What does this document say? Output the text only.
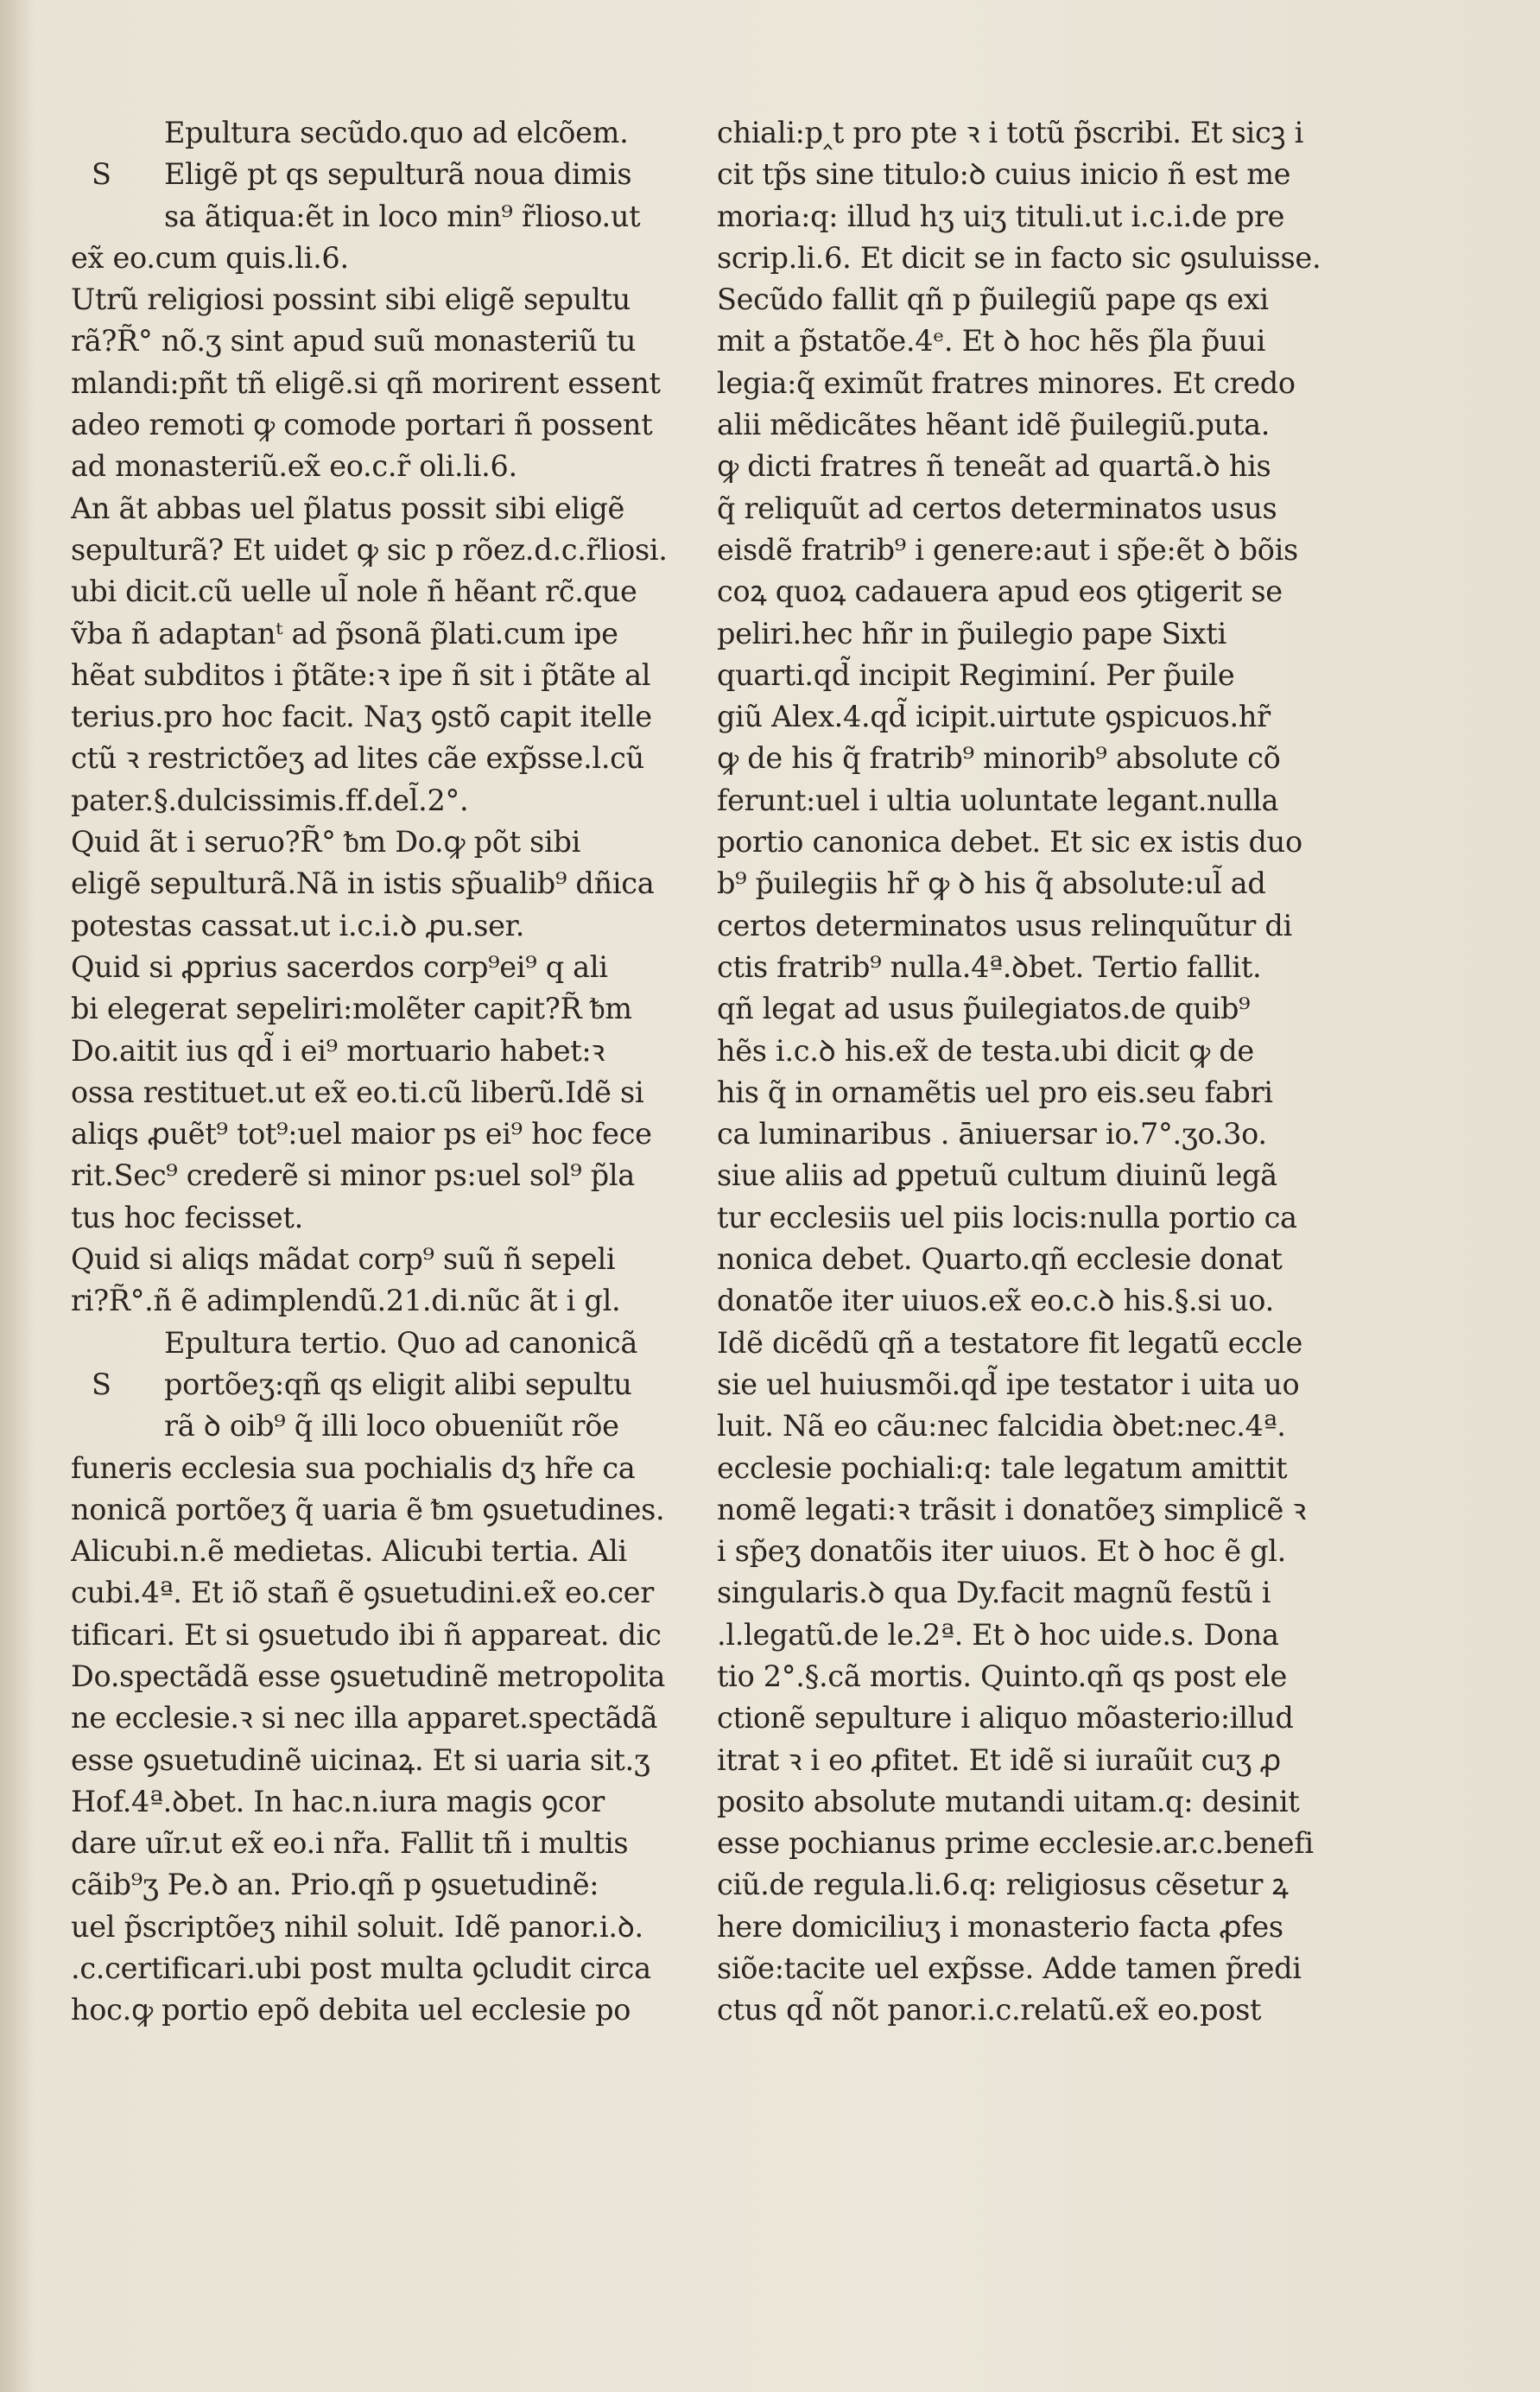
Epultura secũdo.quo ad elcõem.
S Eligẽ pt qs sepulturã noua dimis
sa ãtiqua:ẽt in loco min⁹ r̃lioso.ut
ex̃ eo.cum quis.li.6.
Utrũ religiosi possint sibi eligẽ sepultu
rã?R̃° nõ.ʒ sint apud suũ monasteriũ tu
mlandi:pñt tñ eligẽ.si qñ morirent essent
adeo remoti ꝙ comode portari ñ possent
ad monasteriũ.ex̃ eo.c.r̃ oli.li.6.
An ãt abbas uel p̃latus possit sibi eligẽ
sepulturã? Et uidet ꝙ sic p rõez.d.c.r̃liosi.
ubi dicit.cũ uelle ul̃ nole ñ hẽant rc̃.que
ṽba ñ adaptanᵗ ad p̃sonã p̃lati.cum ipe
hẽat subditos i p̃tãte:ꝛ ipe ñ sit i p̃tãte al
terius.pro hoc facit. Naʒ ꝯstõ capit itelle
ctũ ꝛ restrictõeʒ ad lites cãe exp̃sse.l.cũ
pater.§.dulcissimis.ff.del̃.2°.
Quid ãt i seruo?R̃° ᵬm Do.ꝙ põt sibi
eligẽ sepulturã.Nã in istis sp̃ualib⁹ dñica
potestas cassat.ut i.c.i.ꝺ ꝓu.ser.
Quid si ꝓprius sacerdos corp⁹ei⁹ q ali
bi elegerat sepeliri:molẽter capit?R̃ ᵬm
Do.aitit ius qd̃ i ei⁹ mortuario habet:ꝛ
ossa restituet.ut ex̃ eo.ti.cũ liberũ.Idẽ si
aliqs ꝓuẽt⁹ tot⁹:uel maior ps ei⁹ hoc fece
rit.Sec⁹ crederẽ si minor ps:uel sol⁹ p̃la
tus hoc fecisset.
Quid si aliqs mãdat corp⁹ suũ ñ sepeli
ri?R̃°.ñ ẽ adimplendũ.21.di.nũc ãt i gl.
Epultura tertio. Quo ad canonicã
S portõeʒ:qñ qs eligit alibi sepultu
rã ꝺ oib⁹ q̃ illi loco obueniũt rõe
funeris ecclesia sua pochialis dʒ hr̃e ca
nonicã portõeʒ q̃ uaria ẽ ᵬm ꝯsuetudines.
Alicubi.n.ẽ medietas. Alicubi tertia. Ali
cubi.4ª. Et iõ stañ ẽ ꝯsuetudini.ex̃ eo.cer
tificari. Et si ꝯsuetudo ibi ñ appareat. dic
Do.spectãdã esse ꝯsuetudinẽ metropolita
ne ecclesie.ꝛ si nec illa apparet.spectãdã
esse ꝯsuetudinẽ uicinaꝝ. Et si uaria sit.ʒ
Hof.4ª.ꝺbet. In hac.n.iura magis ꝯcor
dare uĩr.ut ex̃ eo.i nr̃a. Fallit tñ i multis
cãib⁹ʒ Pe.ꝺ an. Prio.qñ p ꝯsuetudinẽ:
uel p̃scriptõeʒ nihil soluit. Idẽ panor.i.ꝺ.
.c.certificari.ubi post multa ꝯcludit circa
hoc.ꝙ portio epõ debita uel ecclesie po
chiali:p‸t pro pte ꝛ i totũ p̃scribi. Et sicꝫ i
cit tp̃s sine titulo:ꝺ cuius inicio ñ est me
moria:q: illud hʒ uiʒ tituli.ut i.c.i.de pre
scrip.li.6. Et dicit se in facto sic ꝯsuluisse.
Secũdo fallit qñ p p̃uilegiũ pape qs exi
mit a p̃statõe.4ᵉ. Et ꝺ hoc hẽs p̃la p̃uui
legia:q̃ eximũt fratres minores. Et credo
alii mẽdicãtes hẽant idẽ p̃uilegiũ.puta.
ꝙ dicti fratres ñ teneãt ad quartã.ꝺ his
q̃ reliquũt ad certos determinatos usus
eisdẽ fratrib⁹ i genere:aut i sp̃e:ẽt ꝺ bõis
coꝝ quoꝝ cadauera apud eos ꝯtigerit se
peliri.hec hñr in p̃uilegio pape Sixti
quarti.qd̃ incipit Regiminí. Per p̃uile
giũ Alex.4.qd̃ icipit.uirtute ꝯspicuos.hr̃
ꝙ de his q̃ fratrib⁹ minorib⁹ absolute cõ
ferunt:uel i ultia uoluntate legant.nulla
portio canonica debet. Et sic ex istis duo
b⁹ p̃uilegiis hr̃ ꝙ ꝺ his q̃ absolute:ul̃ ad
certos determinatos usus relinquũtur di
ctis fratrib⁹ nulla.4ª.ꝺbet. Tertio fallit.
qñ legat ad usus p̃uilegiatos.de quib⁹
hẽs i.c.ꝺ his.ex̃ de testa.ubi dicit ꝙ de
his q̃ in ornamẽtis uel pro eis.seu fabri
ca luminaribus . āniuersar io.7°.ʒo.3o.
siue aliis ad ꝑpetuũ cultum diuinũ legã
tur ecclesiis uel piis locis:nulla portio ca
nonica debet. Quarto.qñ ecclesie donat
donatõe iter uiuos.ex̃ eo.c.ꝺ his.§.si uo.
Idẽ dicẽdũ qñ a testatore fit legatũ eccle
sie uel huiusmõi.qd̃ ipe testator i uita uo
luit. Nã eo cãu:nec falcidia ꝺbet:nec.4ª.
ecclesie pochiali:q: tale legatum amittit
nomẽ legati:ꝛ trãsit i donatõeʒ simplicẽ ꝛ
i sp̃eʒ donatõis iter uiuos. Et ꝺ hoc ẽ gl.
singularis.ꝺ qua Dy.facit magnũ festũ i
.l.legatũ.de le.2ª. Et ꝺ hoc uide.s. Dona
tio 2°.§.cã mortis. Quinto.qñ qs post ele
ctionẽ sepulture i aliquo mõasterio:illud
itrat ꝛ i eo ꝓfitet. Et idẽ si iuraũit cuʒ ꝓ
posito absolute mutandi uitam.q: desinit
esse pochianus prime ecclesie.ar.c.benefi
ciũ.de regula.li.6.q: religiosus cẽsetur ꝝ
here domiciliuʒ i monasterio facta ꝓfes
siõe:tacite uel exp̃sse. Adde tamen p̃redi
ctus qd̃ nõt panor.i.c.relatũ.ex̃ eo.post
